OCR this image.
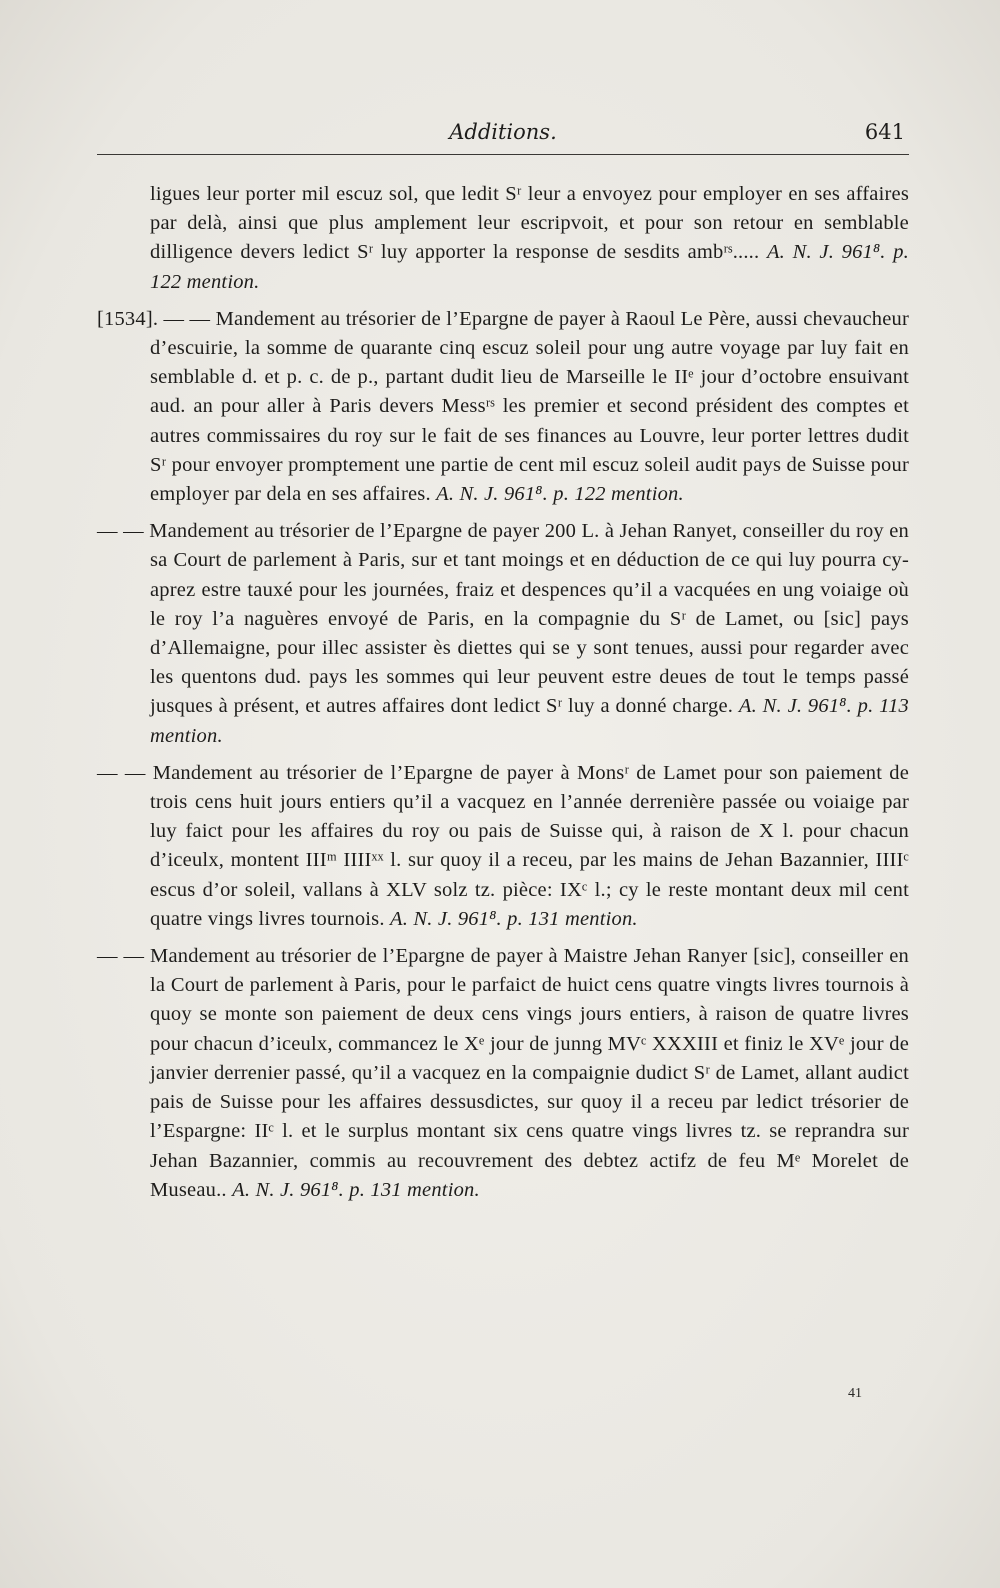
Additions.	641

ligues leur porter mil escuz sol, que ledit Sʳ leur a envoyez pour employer en ses affaires par delà, ainsi que plus amplement leur escripvoit, et pour son retour en semblable dilligence devers ledict Sʳ luy apporter la response de sesdits ambʳˢ..... A. N. J. 961⁸. p. 122 mention.

[1534]. — — Mandement au trésorier de l’Epargne de payer à Raoul Le Père, aussi chevaucheur d’escuirie, la somme de quarante cinq escuz soleil pour ung autre voyage par luy fait en semblable d. et p. c. de p., partant dudit lieu de Marseille le IIᵉ jour d’octobre ensuivant aud. an pour aller à Paris devers Messʳˢ les premier et second président des comptes et autres commissaires du roy sur le fait de ses finances au Louvre, leur porter lettres dudit Sʳ pour envoyer promptement une partie de cent mil escuz soleil audit pays de Suisse pour employer par dela en ses affaires. A. N. J. 961⁸. p. 122 mention.

— — Mandement au trésorier de l’Epargne de payer 200 L. à Jehan Ranyet, conseiller du roy en sa Court de parlement à Paris, sur et tant moings et en déduction de ce qui luy pourra cy-aprez estre tauxé pour les journées, fraiz et despences qu’il a vacquées en ung voiaige où le roy l’a naguères envoyé de Paris, en la compagnie du Sʳ de Lamet, ou [sic] pays d’Allemaigne, pour illec assister ès diettes qui se y sont tenues, aussi pour regarder avec les quentons dud. pays les sommes qui leur peuvent estre deues de tout le temps passé jusques à présent, et autres affaires dont ledict Sʳ luy a donné charge. A. N. J. 961⁸. p. 113 mention.

— — Mandement au trésorier de l’Epargne de payer à Monsʳ de Lamet pour son paiement de trois cens huit jours entiers qu’il a vacquez en l’année derrenière passée ou voiaige par luy faict pour les affaires du roy ou pais de Suisse qui, à raison de X l. pour chacun d’iceulx, montent IIIᵐ IIIIˣˣ l. sur quoy il a receu, par les mains de Jehan Bazannier, IIIIᶜ escus d’or soleil, vallans à XLV solz tz. pièce: IXᶜ l.; cy le reste montant deux mil cent quatre vings livres tournois. A. N. J. 961⁸. p. 131 mention.

— — Mandement au trésorier de l’Epargne de payer à Maistre Jehan Ranyer [sic], conseiller en la Court de parlement à Paris, pour le parfaict de huict cens quatre vingts livres tournois à quoy se monte son paiement de deux cens vings jours entiers, à raison de quatre livres pour chacun d’iceulx, commancez le Xᵉ jour de junng MVᶜ XXXIII et finiz le XVᵉ jour de janvier derrenier passé, qu’il a vacquez en la compaignie dudict Sʳ de Lamet, allant audict pais de Suisse pour les affaires dessusdictes, sur quoy il a receu par ledict trésorier de l’Espargne: IIᶜ l. et le surplus montant six cens quatre vings livres tz. se reprandra sur Jehan Bazannier, commis au recouvrement des debtez actifz de feu Mᵉ Morelet de Museau.. A. N. J. 961⁸. p. 131 mention.

41
